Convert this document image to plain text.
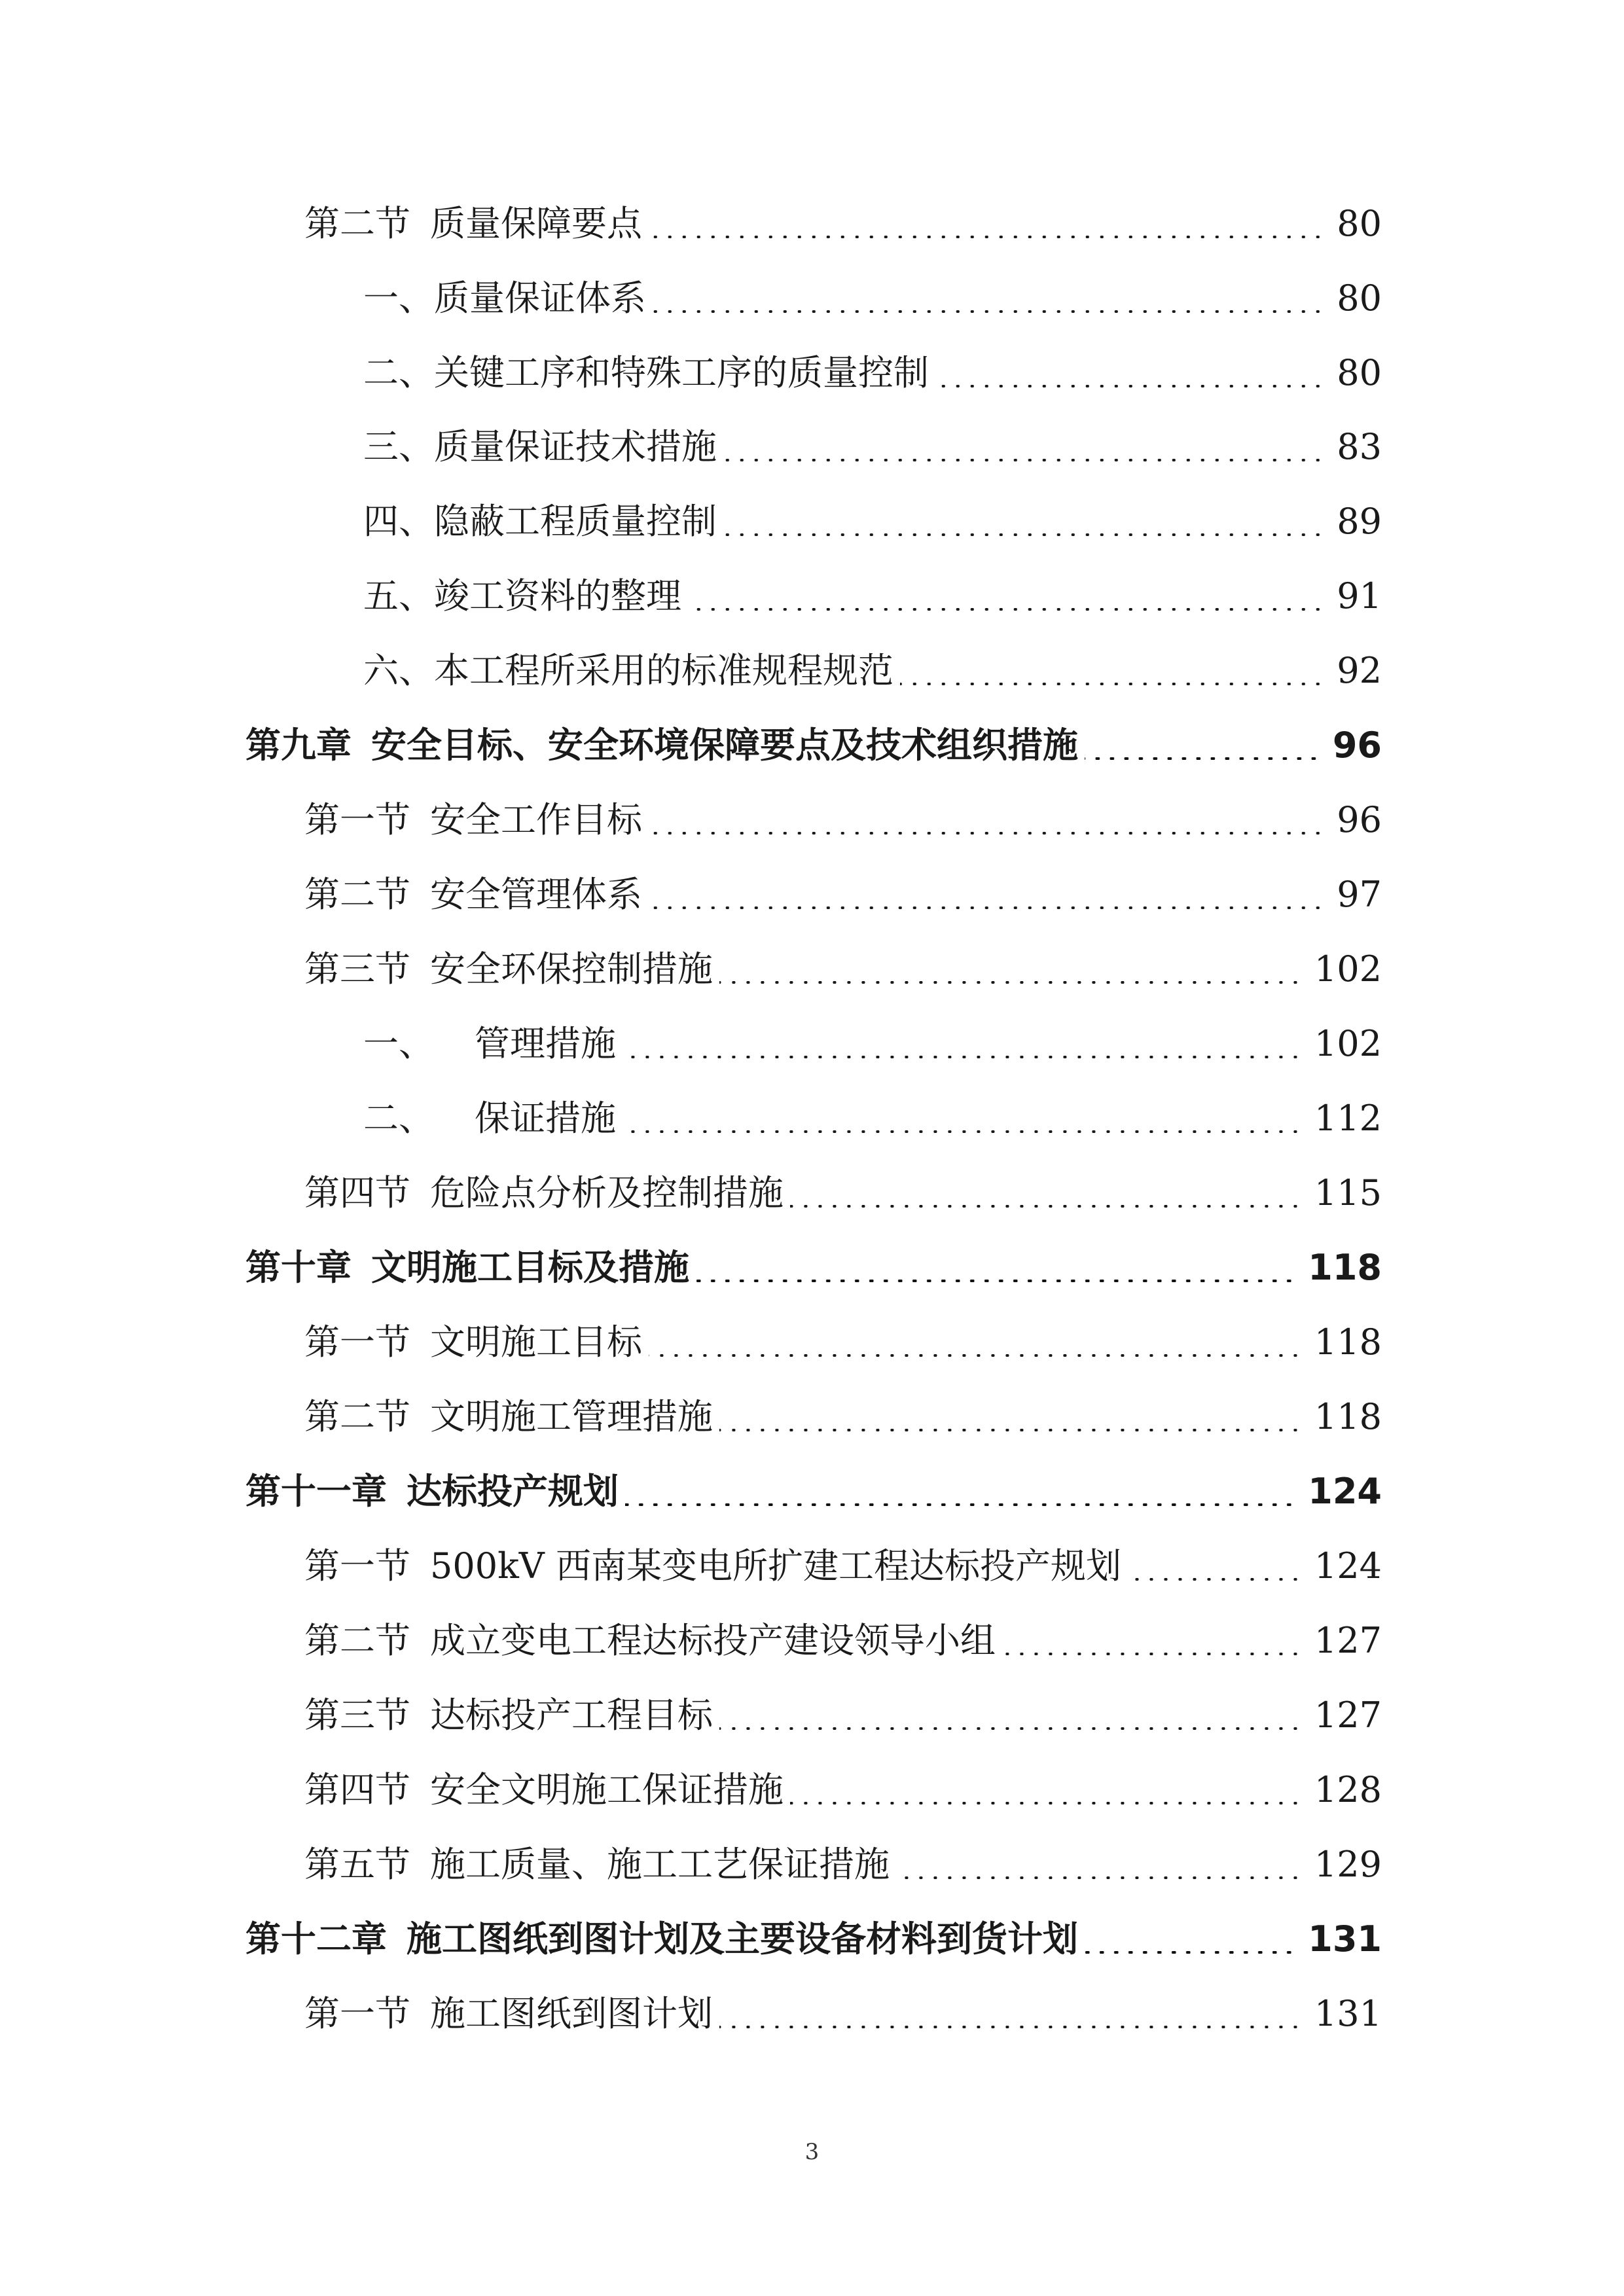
第二节 质量保障要点	80
一、 质量保证体系	80
二、 关键工序和特殊工序的质量控制	80
三、 质量保证技术措施	83
四、 隐蔽工程质量控制	89
五、 竣工资料的整理	91
六、 本工程所采用的标准规程规范	92
第九章 安全目标、安全环境保障要点及技术组织措施	96
第一节 安全工作目标	96
第二节 安全管理体系	97
第三节 安全环保控制措施	102
一、 管理措施	102
二、 保证措施	112
第四节 危险点分析及控制措施	115
第十章 文明施工目标及措施	118
第一节 文明施工目标	118
第二节 文明施工管理措施	118
第十一章 达标投产规划	124
第一节 500kV 西南某变电所扩建工程达标投产规划	124
第二节 成立变电工程达标投产建设领导小组	127
第三节 达标投产工程目标	127
第四节 安全文明施工保证措施	128
第五节 施工质量、施工工艺保证措施	129
第十二章 施工图纸到图计划及主要设备材料到货计划	131
第一节 施工图纸到图计划	131
3
